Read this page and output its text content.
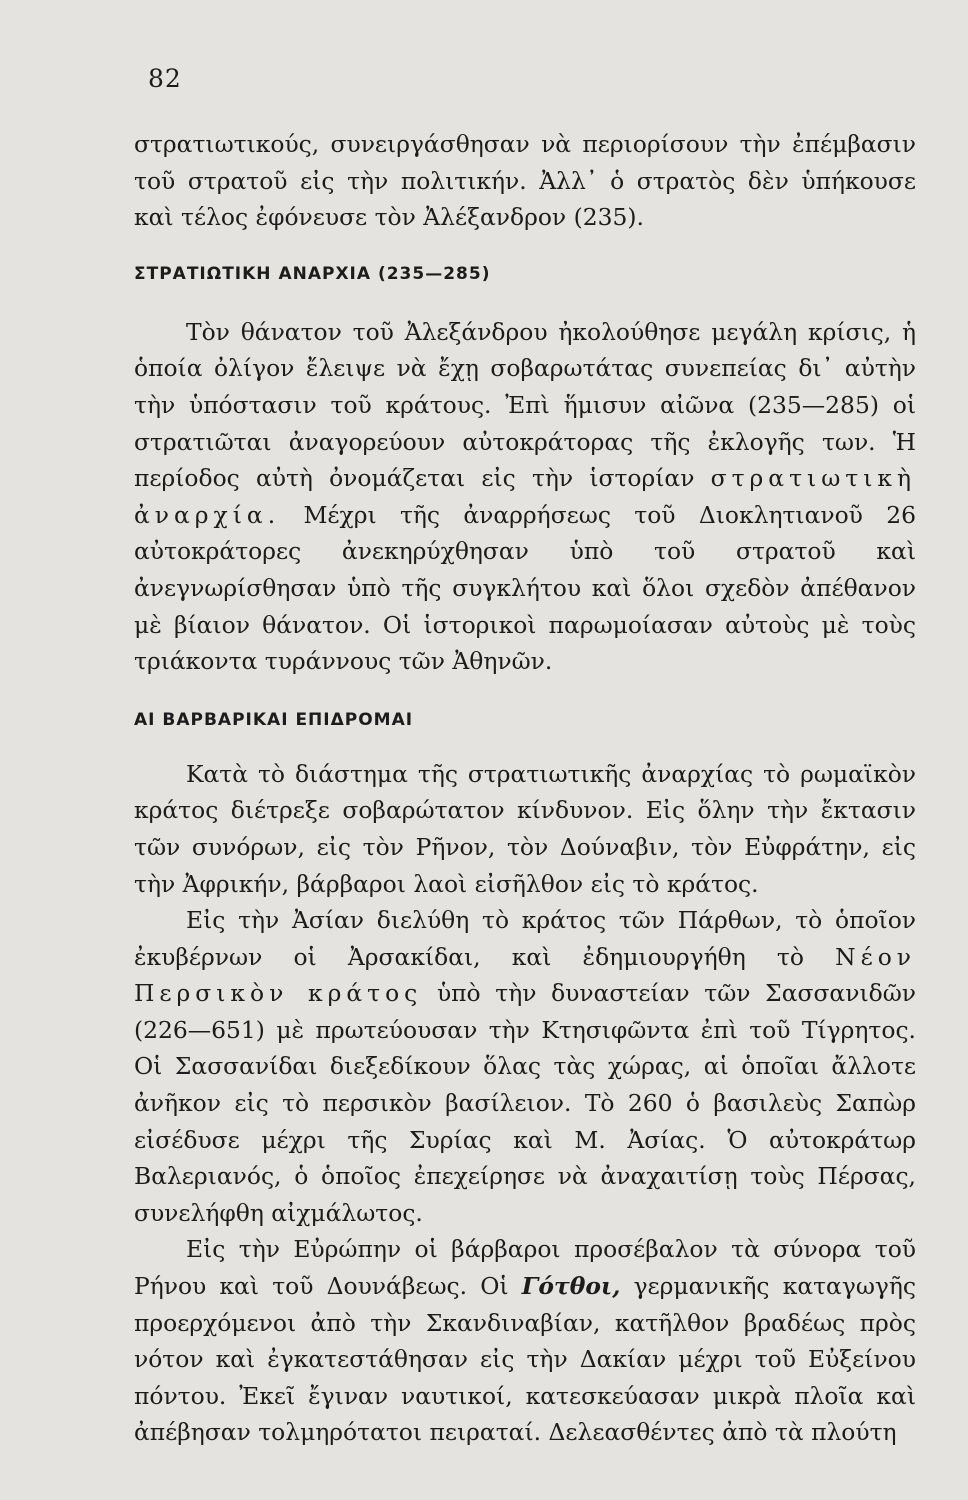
82

στρατιωτικούς, συνειργάσθησαν νὰ περιορίσουν τὴν ἐπέμβασιν τοῦ στρατοῦ εἰς τὴν πολιτικήν. Ἀλλ᾽ ὁ στρατὸς δὲν ὑπήκουσε καὶ τέλος ἐφόνευσε τὸν Ἀλέξανδρον (235).

ΣΤΡΑΤΙΩΤΙΚΗ ΑΝΑΡΧΙΑ (235—285)

Τὸν θάνατον τοῦ Ἀλεξάνδρου ἠκολούθησε μεγάλη κρίσις, ἡ ὁποία ὀλίγον ἔλειψε νὰ ἔχῃ σοβαρωτάτας συνεπείας δι᾽ αὐτὴν τὴν ὑπόστασιν τοῦ κράτους. Ἐπὶ ἥμισυν αἰῶνα (235—285) οἱ στρατιῶται ἀναγορεύουν αὐτοκράτορας τῆς ἐκλογῆς των. Ἡ περίοδος αὐτὴ ὀνομάζεται εἰς τὴν ἱστορίαν στρατιωτικὴ ἀναρχία. Μέχρι τῆς ἀναρρήσεως τοῦ Διοκλητιανοῦ 26 αὐτοκράτορες ἀνεκηρύχθησαν ὑπὸ τοῦ στρατοῦ καὶ ἀνεγνωρίσθησαν ὑπὸ τῆς συγκλήτου καὶ ὅλοι σχεδὸν ἀπέθανον μὲ βίαιον θάνατον. Οἱ ἱστορικοὶ παρωμοίασαν αὐτοὺς μὲ τοὺς τριάκοντα τυράννους τῶν Ἀθηνῶν.

ΑΙ ΒΑΡΒΑΡΙΚΑΙ ΕΠΙΔΡΟΜΑΙ

Κατὰ τὸ διάστημα τῆς στρατιωτικῆς ἀναρχίας τὸ ρωμαϊκὸν κράτος διέτρεξε σοβαρώτατον κίνδυνον. Εἰς ὅλην τὴν ἔκτασιν τῶν συνόρων, εἰς τὸν Ρῆνον, τὸν Δούναβιν, τὸν Εὐφράτην, εἰς τὴν Ἀφρικήν, βάρβαροι λαοὶ εἰσῆλθον εἰς τὸ κράτος.

Εἰς τὴν Ἀσίαν διελύθη τὸ κράτος τῶν Πάρθων, τὸ ὁποῖον ἐκυβέρνων οἱ Ἀρσακίδαι, καὶ ἐδημιουργήθη τὸ Νέον Περσικὸν κράτος ὑπὸ τὴν δυναστείαν τῶν Σασσανιδῶν (226—651) μὲ πρωτεύουσαν τὴν Κτησιφῶντα ἐπὶ τοῦ Τίγρητος. Οἱ Σασσανίδαι διεξεδίκουν ὅλας τὰς χώρας, αἱ ὁποῖαι ἄλλοτε ἀνῆκον εἰς τὸ περσικὸν βασίλειον. Τὸ 260 ὁ βασιλεὺς Σαπὼρ εἰσέδυσε μέχρι τῆς Συρίας καὶ Μ. Ἀσίας. Ὁ αὐτοκράτωρ Βαλεριανός, ὁ ὁποῖος ἐπεχείρησε νὰ ἀναχαιτίσῃ τοὺς Πέρσας, συνελήφθη αἰχμάλωτος.

Εἰς τὴν Εὐρώπην οἱ βάρβαροι προσέβαλον τὰ σύνορα τοῦ Ρήνου καὶ τοῦ Δουνάβεως. Οἱ Γότθοι, γερμανικῆς καταγωγῆς προερχόμενοι ἀπὸ τὴν Σκανδιναβίαν, κατῆλθον βραδέως πρὸς νότον καὶ ἐγκατεστάθησαν εἰς τὴν Δακίαν μέχρι τοῦ Εὐξείνου πόντου. Ἐκεῖ ἔγιναν ναυτικοί, κατεσκεύασαν μικρὰ πλοῖα καὶ ἀπέβησαν τολμηρότατοι πειραταί. Δελεασθέντες ἀπὸ τὰ πλούτη
